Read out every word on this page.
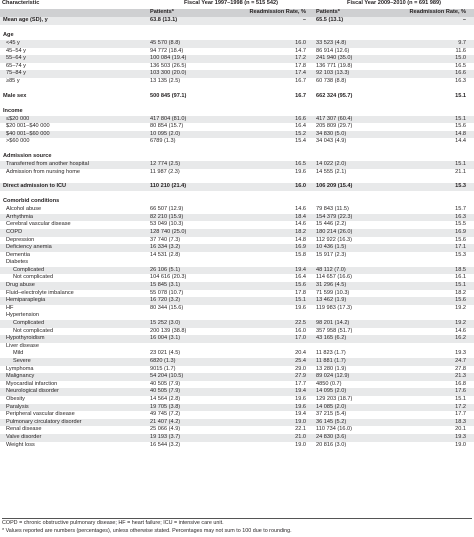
Characteristic	Fiscal Year 1997–1998 (n = 515 542)		Fiscal Year 2009–2010 (n = 691 989)	
	Patients*	Readmission Rate, %	Patients*	Readmission Rate, %
Mean age (SD), y	63.8 (13.1)	–	65.5 (13.1)	–

Age				
<45 y	45 570 (8.8)	16.0	33 523 (4.8)	9.7
45–54 y	94 772 (18.4)	14.7	86 914 (12.6)	11.6
55–64 y	100 084 (19.4)	17.2	241 940 (35.0)	15.0
65–74 y	136 503 (26.5)	17.8	136 771 (19.8)	16.5
75–84 y	103 300 (20.0)	17.4	92 103 (13.3)	16.6
≥85 y	13 135 (2.5)	16.7	60 738 (8.8)	16.3

Male sex	500 845 (97.1)	16.7	662 324 (95.7)	15.1

Income				
≤$20 000	417 804 (81.0)	16.6	417 307 (60.4)	15.1
$20 001–$40 000	80 854 (15.7)	16.4	205 809 (29.7)	15.6
$40 001–$60 000	10 095 (2.0)	15.2	34 830 (5.0)	14.8
>$60 000	6789 (1.3)	15.4	34 043 (4.9)	14.4

Admission source				
Transferred from another hospital	12 774 (2.5)	16.5	14 022 (2.0)	15.1
Admission from nursing home	11 987 (2.3)	19.6	14 555 (2.1)	21.1

Direct admission to ICU	110 210 (21.4)	16.0	106 209 (15.4)	15.3

Comorbid conditions				
Alcohol abuse	66 507 (12.9)	14.6	79 843 (11.5)	15.7
Arrhythmia	82 210 (15.9)	18.4	154 379 (22.3)	16.3
Cerebral vascular disease	53 049 (10.3)	14.6	15 446 (2.2)	15.5
COPD	128 740 (25.0)	18.2	180 214 (26.0)	16.9
Depression	37 740 (7.3)	14.8	112 922 (16.3)	15.6
Deficiency anemia	16 334 (3.2)	16.9	10 436 (1.5)	17.1
Dementia	14 531 (2.8)	15.8	15 917 (2.3)	15.3
Diabetes				
Complicated	26 106 (5.1)	19.4	48 112 (7.0)	18.5
Not complicated	104 616 (20.3)	16.4	114 657 (16.6)	16.1
Drug abuse	15 845 (3.1)	15.6	31 296 (4.5)	15.1
Fluid–electrolyte imbalance	55 078 (10.7)	17.8	71 599 (10.3)	18.2
Hemiparaplegia	16 720 (3.2)	15.1	13 462 (1.9)	15.6
HF	80 344 (15.6)	19.6	119 983 (17.3)	19.2
Hypertension				
Complicated	15 252 (3.0)	22.5	98 201 (14.2)	19.2
Not complicated	200 139 (38.8)	16.0	357 958 (51.7)	14.6
Hypothyroidism	16 004 (3.1)	17.0	43 165 (6.2)	16.2
Liver disease				
Mild	23 021 (4.5)	20.4	11 823 (1.7)	19.3
Severe	6820 (1.3)	25.4	11 881 (1.7)	24.7
Lymphoma	9015 (1.7)	29.0	13 280 (1.9)	27.8
Malignancy	54 204 (10.5)	27.9	89 024 (12.9)	21.3
Myocardial infarction	40 505 (7.9)	17.7	4850 (0.7)	16.8
Neurological disorder	40 505 (7.9)	19.4	14 095 (2.0)	17.6
Obesity	14 564 (2.8)	19.6	129 203 (18.7)	15.1
Paralysis	19 705 (3.8)	19.6	14 085 (2.0)	17.2
Peripheral vascular disease	49 745 (7.2)	19.4	37 215 (5.4)	17.7
Pulmonary circulatory disorder	21 407 (4.2)	19.0	36 145 (5.2)	18.3
Renal disease	25 066 (4.9)	22.1	110 734 (16.0)	20.1
Valve disorder	19 193 (3.7)	21.0	24 830 (3.6)	19.3
Weight loss	16 544 (3.2)	19.0	20 816 (3.0)	19.0
COPD = chronic obstructive pulmonary disease; HF = heart failure; ICU = intensive care unit.
* Values reported are numbers (percentages), unless otherwise stated. Percentages may not sum to 100 due to rounding.
